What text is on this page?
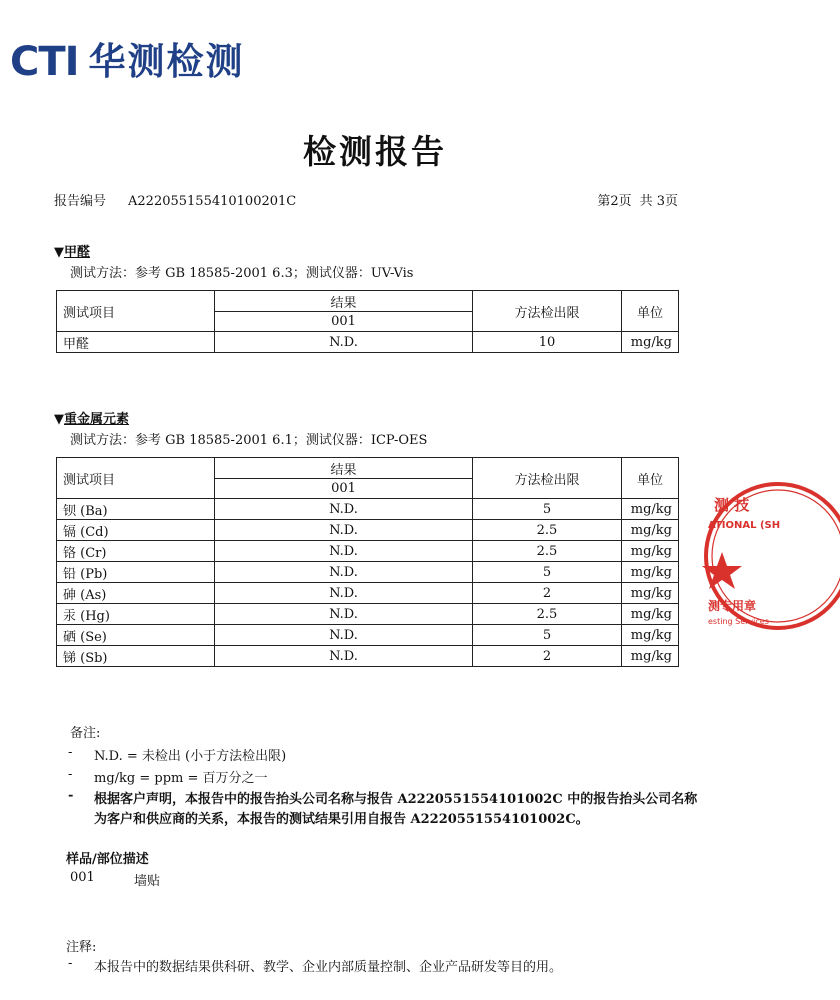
CTI 华测检测
检测报告
报告编号 A2220551554101002​01C	第2页 共 3页
▼甲醛
测试方法：参考 GB 18585-2001 6.3；测试仪器：UV-Vis
测试项目	结果	方法检出限	单位
	001		
甲醛	N.D.	10	mg/kg
▼重金属元素
测试方法：参考 GB 18585-2001 6.1；测试仪器：ICP-OES
测试项目	结果	方法检出限	单位
	001		
钡 (Ba)	N.D.	5	mg/kg
镉 (Cd)	N.D.	2.5	mg/kg
铬 (Cr)	N.D.	2.5	mg/kg
铅 (Pb)	N.D.	5	mg/kg
砷 (As)	N.D.	2	mg/kg
汞 (Hg)	N.D.	2.5	mg/kg
硒 (Se)	N.D.	5	mg/kg
锑 (Sb)	N.D.	2	mg/kg
备注:
- N.D. = 未检出 (小于方法检出限)
- mg/kg = ppm = 百万分之一
- 根据客户声明，本报告中的报告抬头公司名称与报告 A2220551554101002C 中的报告抬头公司名称
为客户和供应商的关系，本报告的测试结果引用自报告 A2220551554101002C。
样品/部位描述
001	墙贴
注释:
- 本报告中的数据结果供科研、教学、企业内部质量控制、企业产品研发等目的用。
测 技
ATIONAL (SH
测专用章
esting Services
